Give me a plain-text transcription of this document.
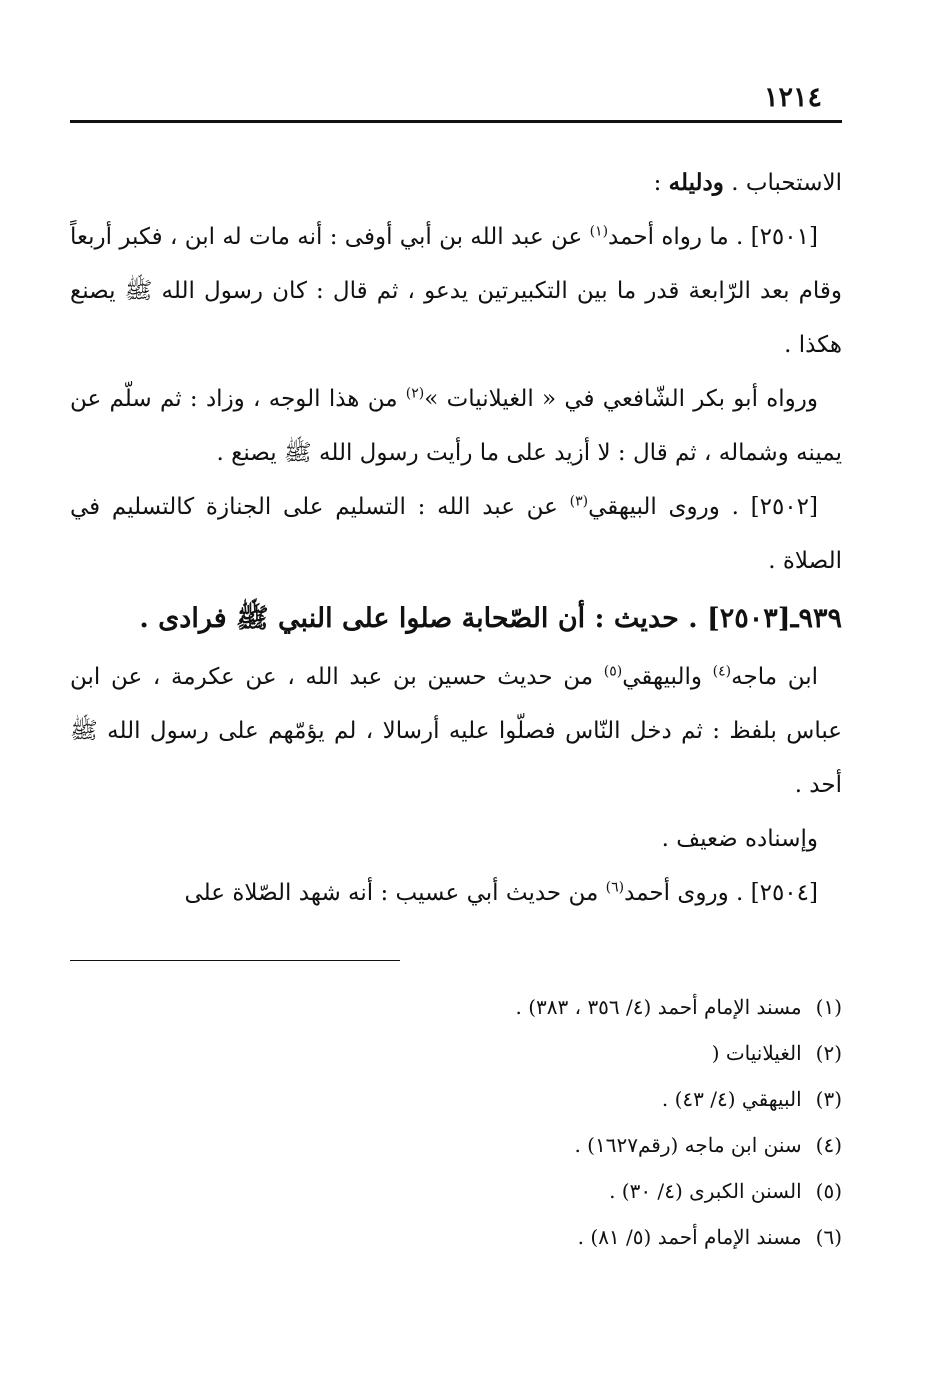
١٢١٤

الاستحباب . ودليله :

[٢٥٠١] . ما رواه أحمد$^{(١)}$ عن عبد الله بن أبي أوفى : أنه مات له ابن ، فكبر أربعاً وقام بعد الرّابعة قدر ما بين التكبيرتين يدعو ، ثم قال : كان رسول الله ﷺ يصنع هكذا .

ورواه أبو بكر الشّافعي في « الغيلانيات »$^{(٢)}$ من هذا الوجه ، وزاد : ثم سلّم عن يمينه وشماله ، ثم قال : لا أزيد على ما رأيت رسول الله ﷺ يصنع .

[٢٥٠٢] . وروى البيهقي$^{(٣)}$ عن عبد الله : التسليم على الجنازة كالتسليم في الصلاة .

٩٣٩ـ[٢٥٠٣] . حديث : أن الصّحابة صلوا على النبي ﷺ فرادى .

ابن ماجه$^{(٤)}$ والبيهقي$^{(٥)}$ من حديث حسين بن عبد الله ، عن عكرمة ، عن ابن عباس بلفظ : ثم دخل النّاس فصلّوا عليه أرسالا ، لم يؤمّهم على رسول الله ﷺ أحد .

وإسناده ضعيف .

[٢٥٠٤] . وروى أحمد$^{(٦)}$ من حديث أبي عسيب : أنه شهد الصّلاة على

(١) مسند الإمام أحمد (٤/ ٣٥٦ ، ٣٨٣) .
(٢) الغيلانيات (
(٣) البيهقي (٤/ ٤٣) .
(٤) سنن ابن ماجه (رقم١٦٢٧) .
(٥) السنن الكبرى (٤/ ٣٠) .
(٦) مسند الإمام أحمد (٥/ ٨١) .
